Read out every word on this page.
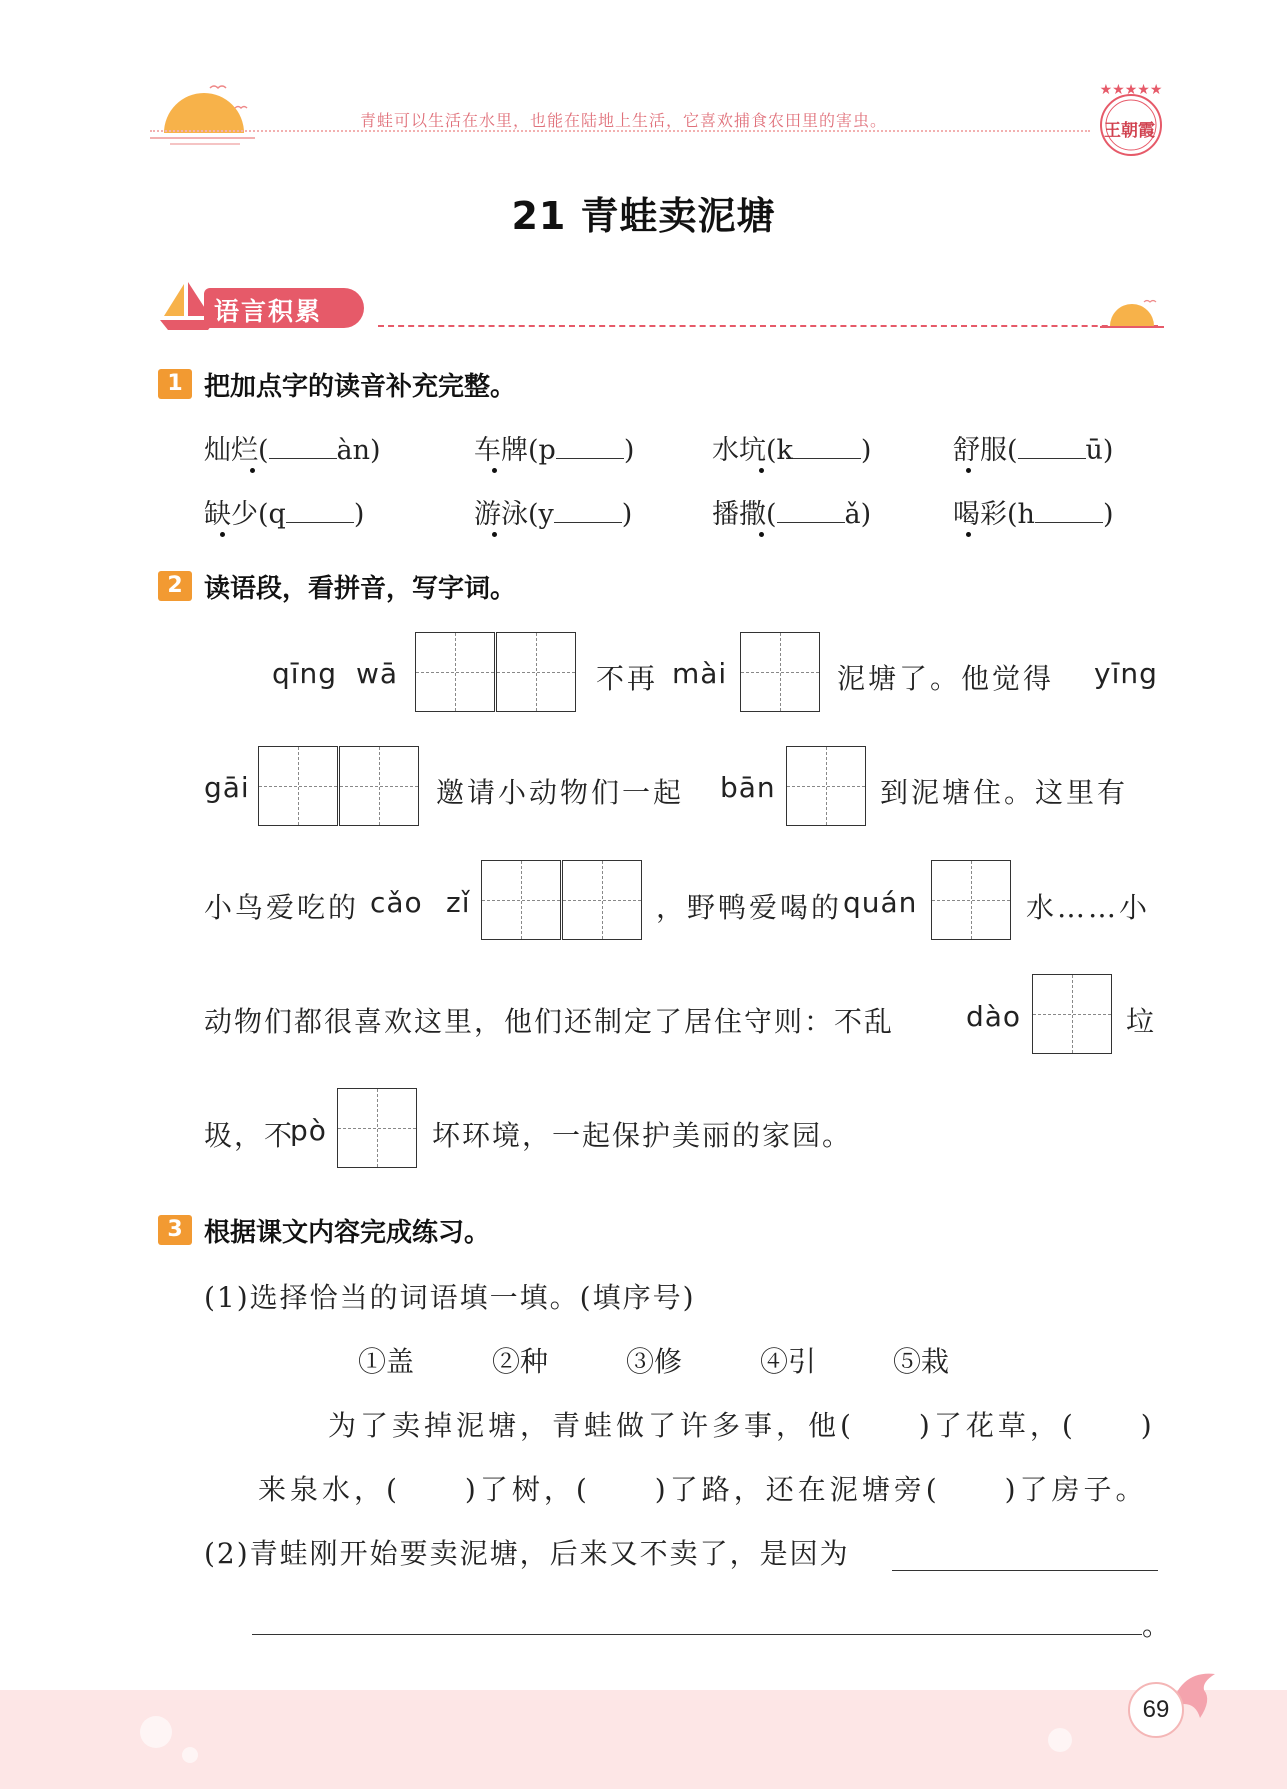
青蛙可以生活在水里，也能在陆地上生活，它喜欢捕食农田里的害虫。
★★★★★
王朝霞
21 青蛙卖泥塘
语言积累
1 把加点字的读音补充完整。
灿烂(	àn)	车牌(p	)	水坑(k	)	舒服(	ū)
缺少(q	)	游泳(y	)	播撒(	ǎ)	喝彩(h	)
2 读语段，看拼音，写字词。
qīng wā	不再 mài	泥塘了。他觉得 yīng
gāi	邀请小动物们一起 bān	到泥塘住。这里有
小鸟爱吃的 cǎo zǐ	，野鸭爱喝的 quán	水……小
动物们都很喜欢这里，他们还制定了居住守则：不乱	dào	垃
圾，不
pò	坏环境，一起保护美丽的家园。
3 根据课文内容完成练习。
(1)选择恰当的词语填一填。(填序号)
①盖	②种	③修	④引	⑤栽
为了卖掉泥塘，青蛙做了许多事，他(　　)了花草，(　　)
来泉水，(　　)了树，(　　)了路，还在泥塘旁(　　)了房子。
(2)青蛙刚开始要卖泥塘，后来又不卖了，是因为
。
69
